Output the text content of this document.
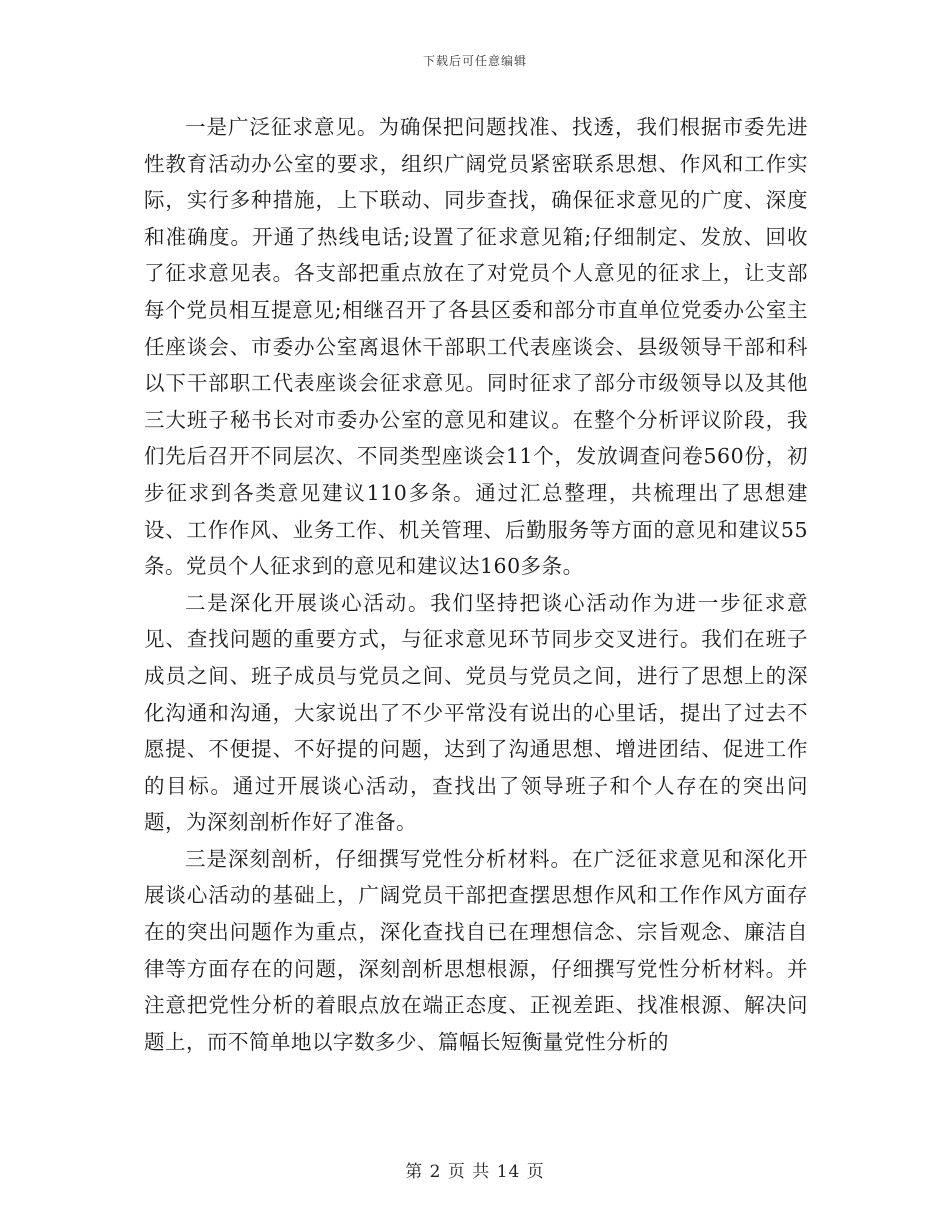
下载后可任意编辑

一是广泛征求意见。为确保把问题找准、找透，我们根据市委先进性教育活动办公室的要求，组织广阔党员紧密联系思想、作风和工作实际，实行多种措施，上下联动、同步查找，确保征求意见的广度、深度和准确度。开通了热线电话;设置了征求意见箱;仔细制定、发放、回收了征求意见表。各支部把重点放在了对党员个人意见的征求上，让支部每个党员相互提意见;相继召开了各县区委和部分市直单位党委办公室主任座谈会、市委办公室离退休干部职工代表座谈会、县级领导干部和科以下干部职工代表座谈会征求意见。同时征求了部分市级领导以及其他三大班子秘书长对市委办公室的意见和建议。在整个分析评议阶段，我们先后召开不同层次、不同类型座谈会11个，发放调查问卷560份，初步征求到各类意见建议110多条。通过汇总整理，共梳理出了思想建设、工作作风、业务工作、机关管理、后勤服务等方面的意见和建议55条。党员个人征求到的意见和建议达160多条。

二是深化开展谈心活动。我们坚持把谈心活动作为进一步征求意见、查找问题的重要方式，与征求意见环节同步交叉进行。我们在班子成员之间、班子成员与党员之间、党员与党员之间，进行了思想上的深化沟通和沟通，大家说出了不少平常没有说出的心里话，提出了过去不愿提、不便提、不好提的问题，达到了沟通思想、增进团结、促进工作的目标。通过开展谈心活动，查找出了领导班子和个人存在的突出问题，为深刻剖析作好了准备。

三是深刻剖析，仔细撰写党性分析材料。在广泛征求意见和深化开展谈心活动的基础上，广阔党员干部把查摆思想作风和工作作风方面存在的突出问题作为重点，深化查找自已在理想信念、宗旨观念、廉洁自律等方面存在的问题，深刻剖析思想根源，仔细撰写党性分析材料。并注意把党性分析的着眼点放在端正态度、正视差距、找准根源、解决问题上，而不简单地以字数多少、篇幅长短衡量党性分析的

第 2 页 共 14 页
